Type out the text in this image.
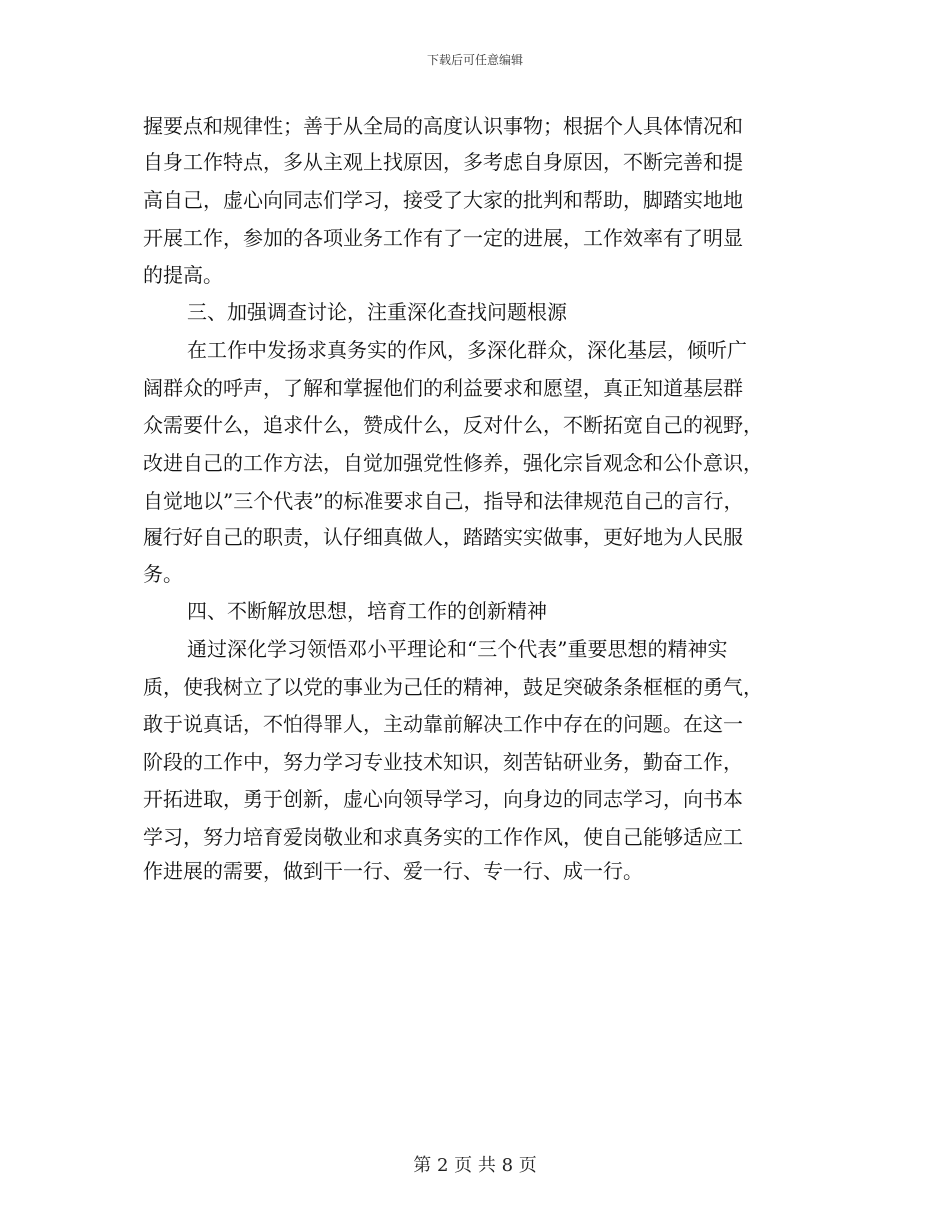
下载后可任意编辑
握要点和规律性；善于从全局的高度认识事物；根据个人具体情况和
自身工作特点，多从主观上找原因，多考虑自身原因，不断完善和提
高自己，虚心向同志们学习，接受了大家的批判和帮助，脚踏实地地
开展工作，参加的各项业务工作有了一定的进展，工作效率有了明显
的提高。
三、加强调查讨论，注重深化查找问题根源
在工作中发扬求真务实的作风，多深化群众，深化基层，倾听广
阔群众的呼声，了解和掌握他们的利益要求和愿望，真正知道基层群
众需要什么，追求什么，赞成什么，反对什么，不断拓宽自己的视野，
改进自己的工作方法，自觉加强党性修养，强化宗旨观念和公仆意识，
自觉地以”三个代表”的标准要求自己，指导和法律规范自己的言行，
履行好自己的职责，认仔细真做人，踏踏实实做事，更好地为人民服
务。
四、不断解放思想，培育工作的创新精神
通过深化学习领悟邓小平理论和“三个代表”重要思想的精神实
质，使我树立了以党的事业为己任的精神，鼓足突破条条框框的勇气，
敢于说真话，不怕得罪人，主动靠前解决工作中存在的问题。在这一
阶段的工作中，努力学习专业技术知识，刻苦钻研业务，勤奋工作，
开拓进取，勇于创新，虚心向领导学习，向身边的同志学习，向书本
学习，努力培育爱岗敬业和求真务实的工作作风，使自己能够适应工
作进展的需要，做到干一行、爱一行、专一行、成一行。
第 2 页 共 8 页
